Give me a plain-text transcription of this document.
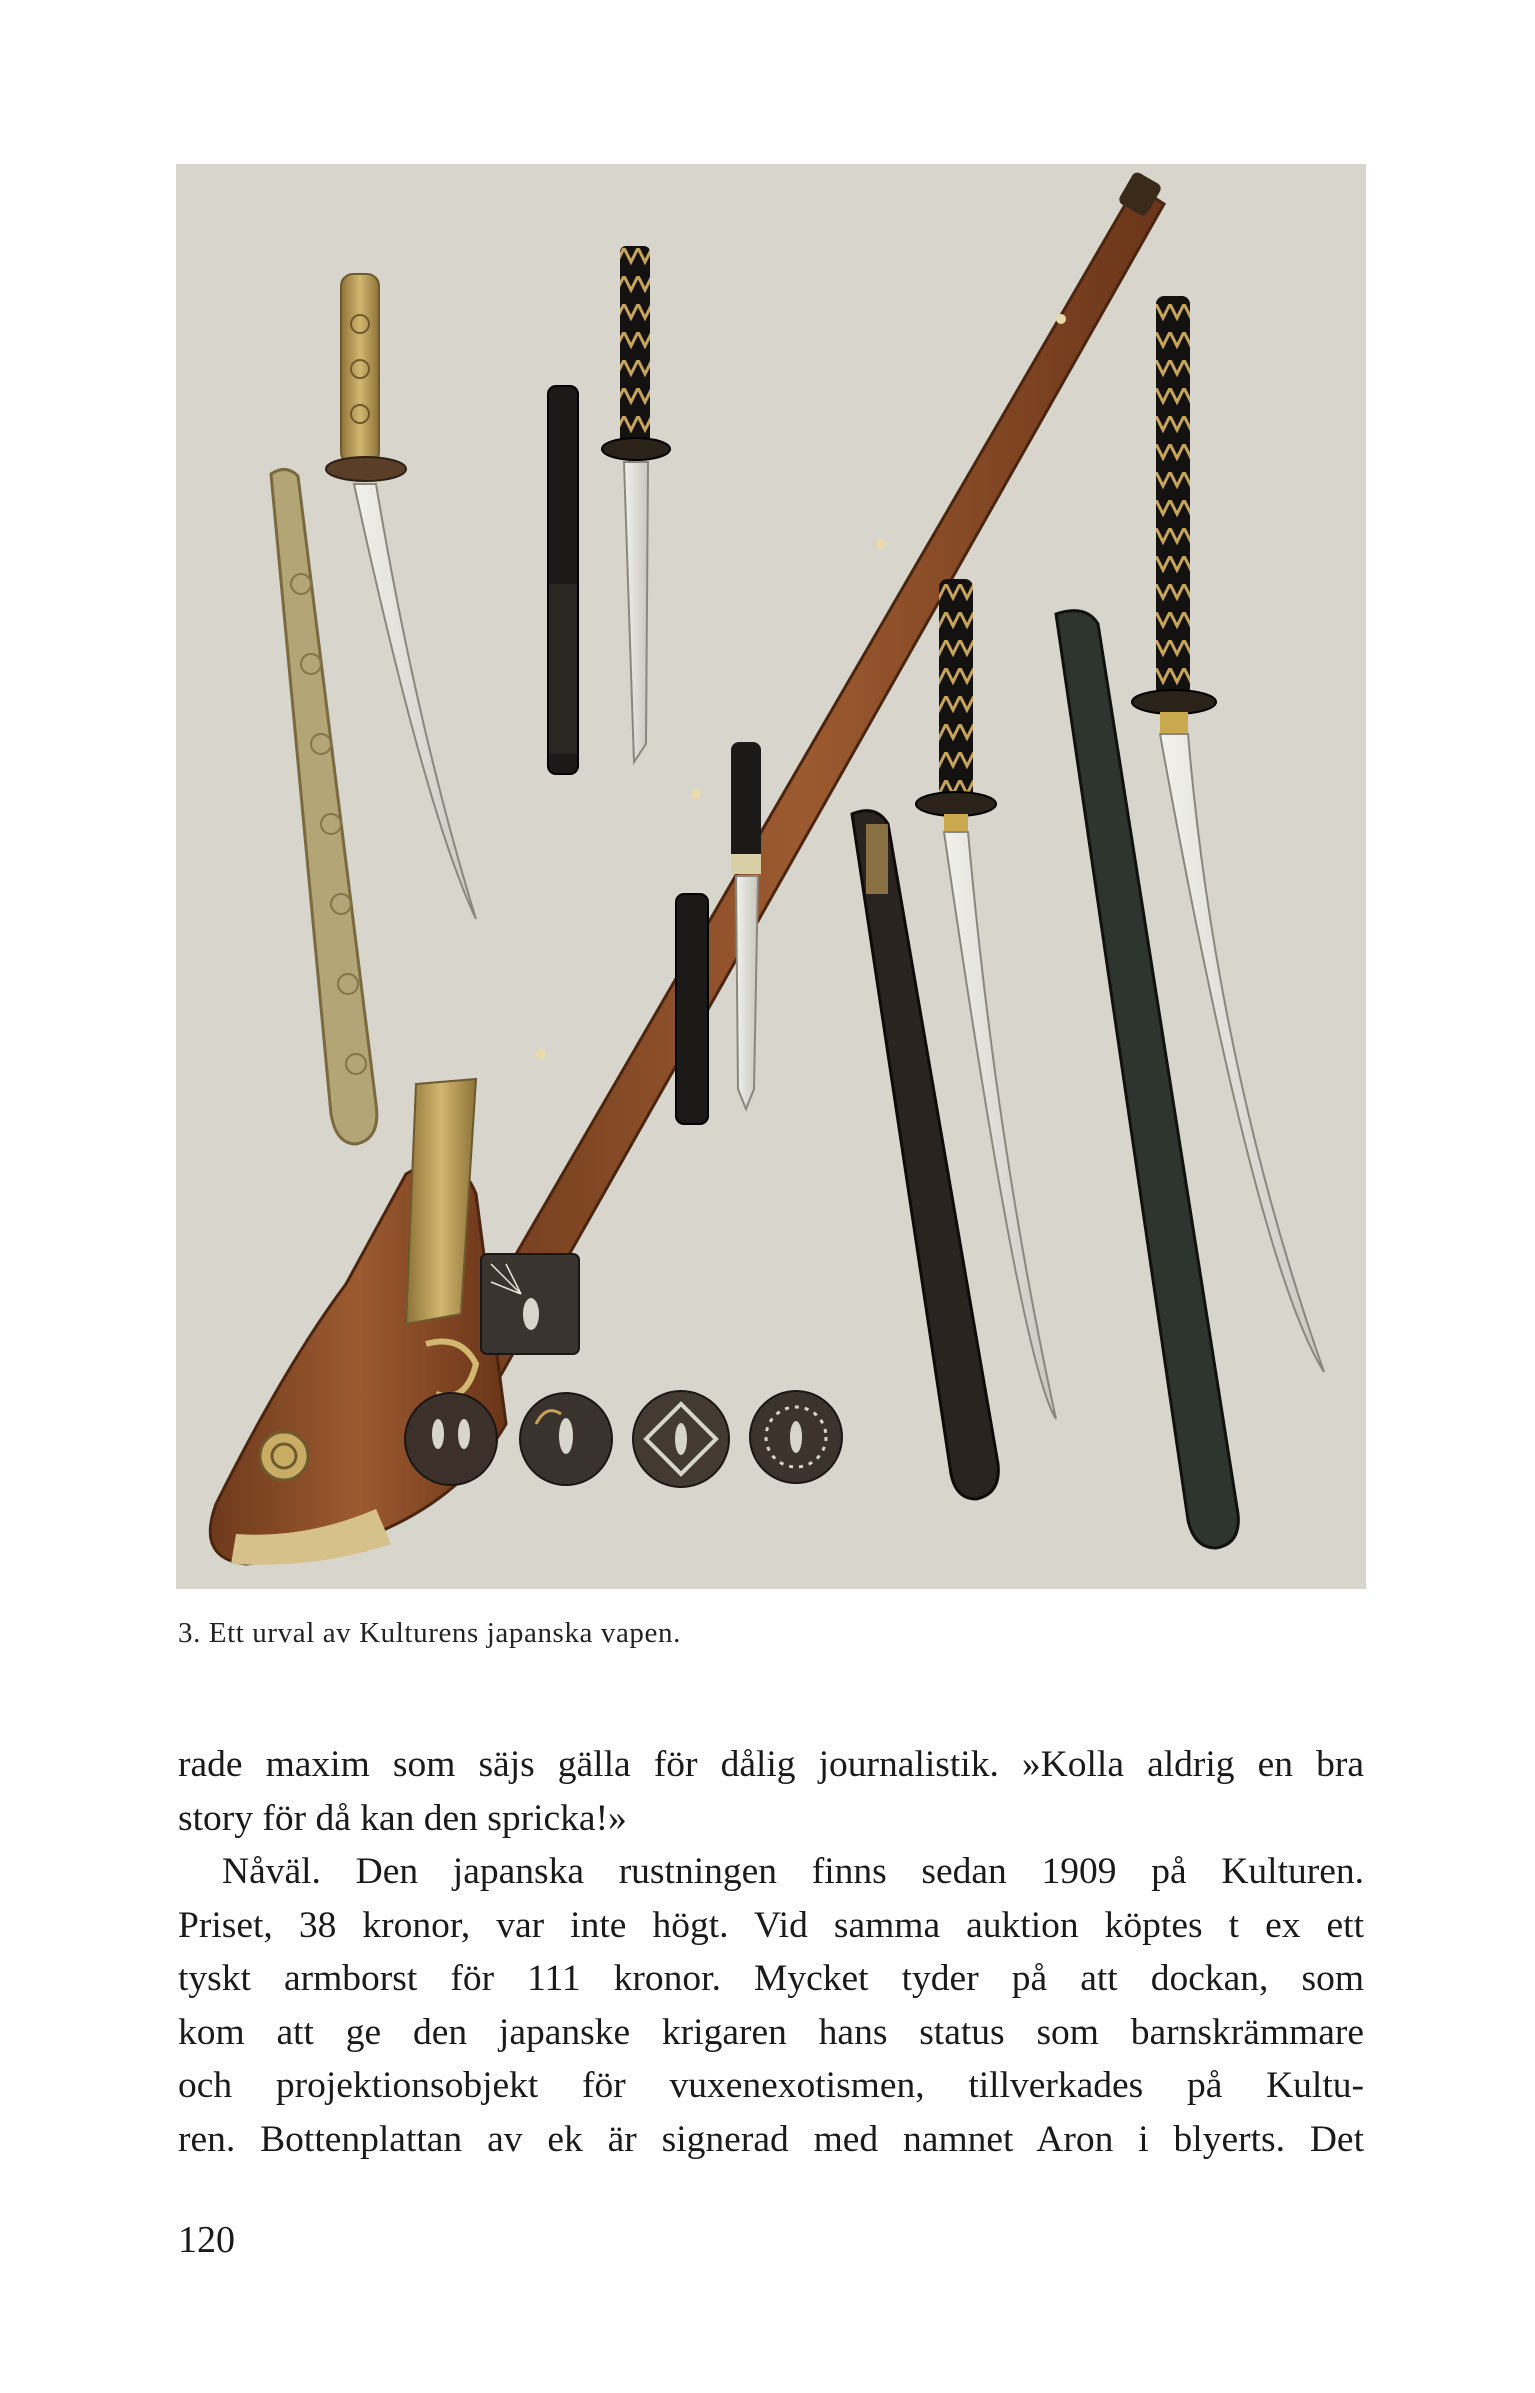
3. Ett urval av Kulturens japanska vapen.
rade maxim som säjs gälla för dålig journalistik. »Kolla aldrig en bra
story för då kan den spricka!»
Nåväl. Den japanska rustningen finns sedan 1909 på Kulturen.
Priset, 38 kronor, var inte högt. Vid samma auktion köptes t ex ett
tyskt armborst för 111 kronor. Mycket tyder på att dockan, som
kom att ge den japanske krigaren hans status som barnskrämmare
och projektionsobjekt för vuxenexotismen, tillverkades på Kultu-
ren. Bottenplattan av ek är signerad med namnet Aron i blyerts. Det
120
